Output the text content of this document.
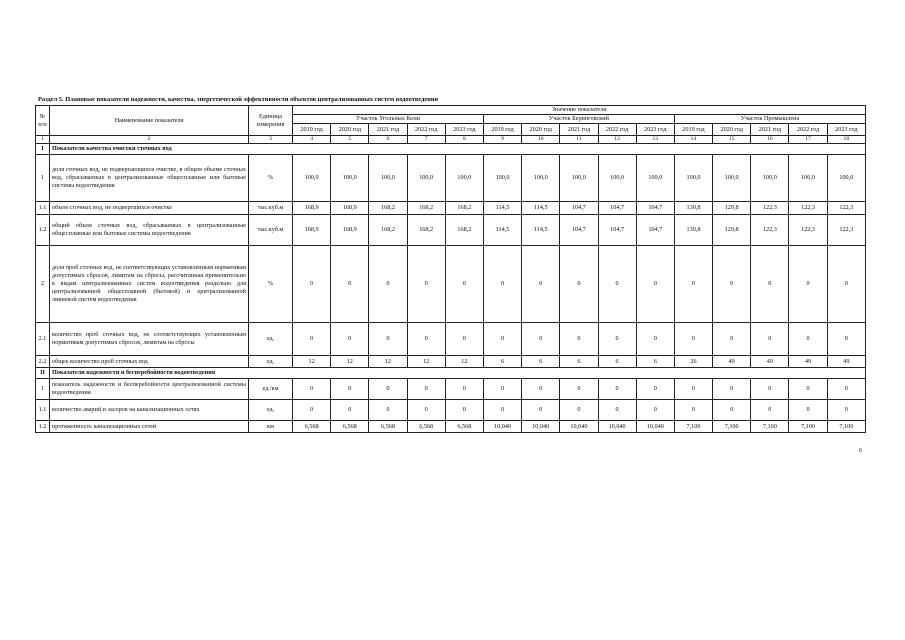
Раздел 5. Плановые показатели надежности, качества, энергетической эффективности объектов централизованных систем водоотведения
№ п/п	Наименование показателя	Единица измерения	Значение показателя														
			Участок Угольных Копи					Участок Беринговский					Участок Промышлена				
			2019 год	2020 год	2021 год	2022 год	2023 год	2019 год	2020 год	2021 год	2022 год	2023 год	2019 год	2020 год	2021 год	2022 год	2023 год
1	2	3	4	5	6	7	8	9	10	11	12	13	14	15	16	17	18
I	Показатели качества очистки сточных вод																
1	доля сточных вод, не подвергающихся очистке, в общем объеме сточных вод, сбрасываемых в централизованные общесплавные или бытовые системы водоотведения	%	100,0	100,0	100,0	100,0	100,0	100,0	100,0	100,0	100,0	100,0	100,0	100,0	100,0	100,0	100,0
1.1	объем сточных вод, не подвергшихся очистке	тыс.куб.м	168,9	168,9	168,2	168,2	168,2	114,5	114,5	104,7	104,7	104,7	130,8	129,8	122,3	122,3	122,3
1.2	общий объем сточных вод, сбрасываемых в централизованные общесплавные или бытовые системы водоотведения	тыс.куб.м	168,9	168,9	168,2	168,2	168,2	114,5	114,5	104,7	104,7	104,7	130,8	129,8	122,3	122,3	122,3
2	доля проб сточных вод, не соответствующих установленным нормативам допустимых сбросов, лимитам на сбросы, рассчитанная применительно к видам централизованных систем водоотведения раздельно для централизованной общесплавной (бытовой) и централизованной ливневой систем водоотведения	%	0	0	0	0	0	0	0	0	0	0	0	0	0	0	0
2.1	количество проб сточных вод, не соответствующих установленным нормативам допустимых сбросов, лимитам на сбросы	ед.	0	0	0	0	0	0	0	0	0	0	0	0	0	0	0
2.2	общее количество проб сточных вод	ед.	12	12	12	12	12	6	6	6	6	6	26	49	49	49	49
II	Показатели надежности и бесперебойности водоотведения																
1	показатель надежности и бесперебойности централизованной системы водоотведения	ед./км	0	0	0	0	0	0	0	0	0	0	0	0	0	0	0
1.1	количество аварий и засоров на канализационных сетях	ед.	0	0	0	0	0	0	0	0	0	0	0	0	0	0	0
1.2	протяженность канализационных сетей	км	6,568	6,568	6,568	6,568	6,568	10,040	10,040	10,040	10,040	10,040	7,100	7,100	7,100	7,100	7,100
6
